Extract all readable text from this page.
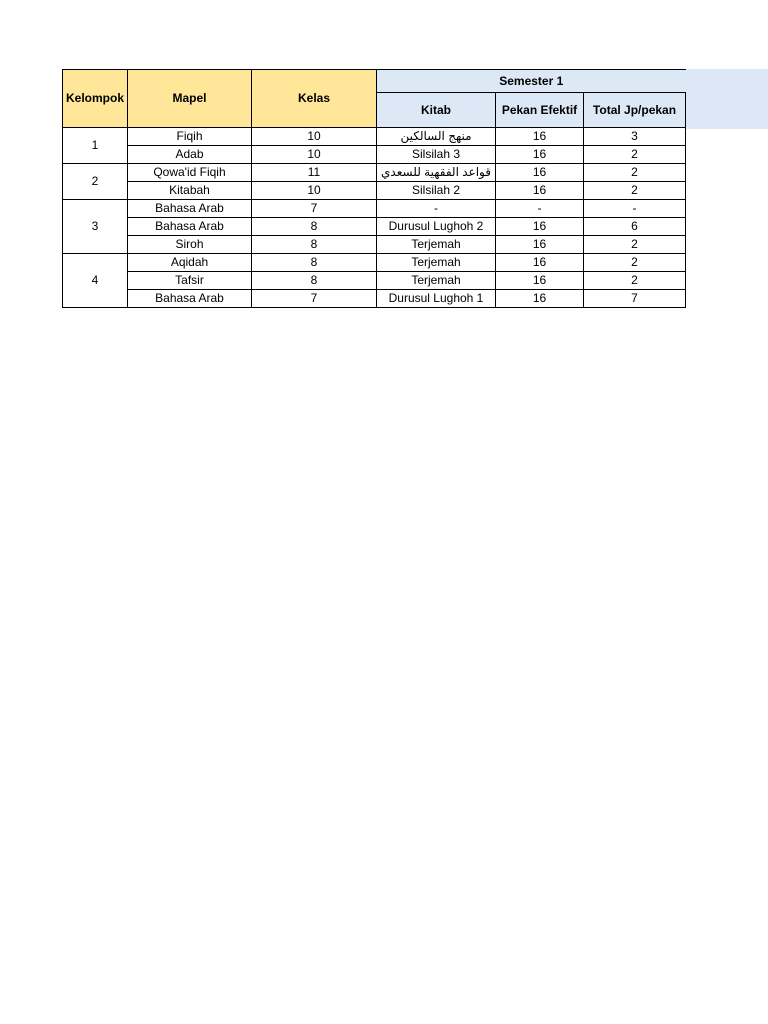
Kelompok	Mapel	Kelas	Semester 1		
			Kitab	Pekan Efektif	Total Jp/pekan
1	Fiqih	10	منهج السالكين	16	3
	Adab	10	Silsilah 3	16	2
2	Qowa'id Fiqih	11	قواعد الفقهية للسعدي	16	2
	Kitabah	10	Silsilah 2	16	2
3	Bahasa Arab	7	-	-	-
	Bahasa Arab	8	Durusul Lughoh 2	16	6
	Siroh	8	Terjemah	16	2
4	Aqidah	8	Terjemah	16	2
	Tafsir	8	Terjemah	16	2
	Bahasa Arab	7	Durusul Lughoh 1	16	7
